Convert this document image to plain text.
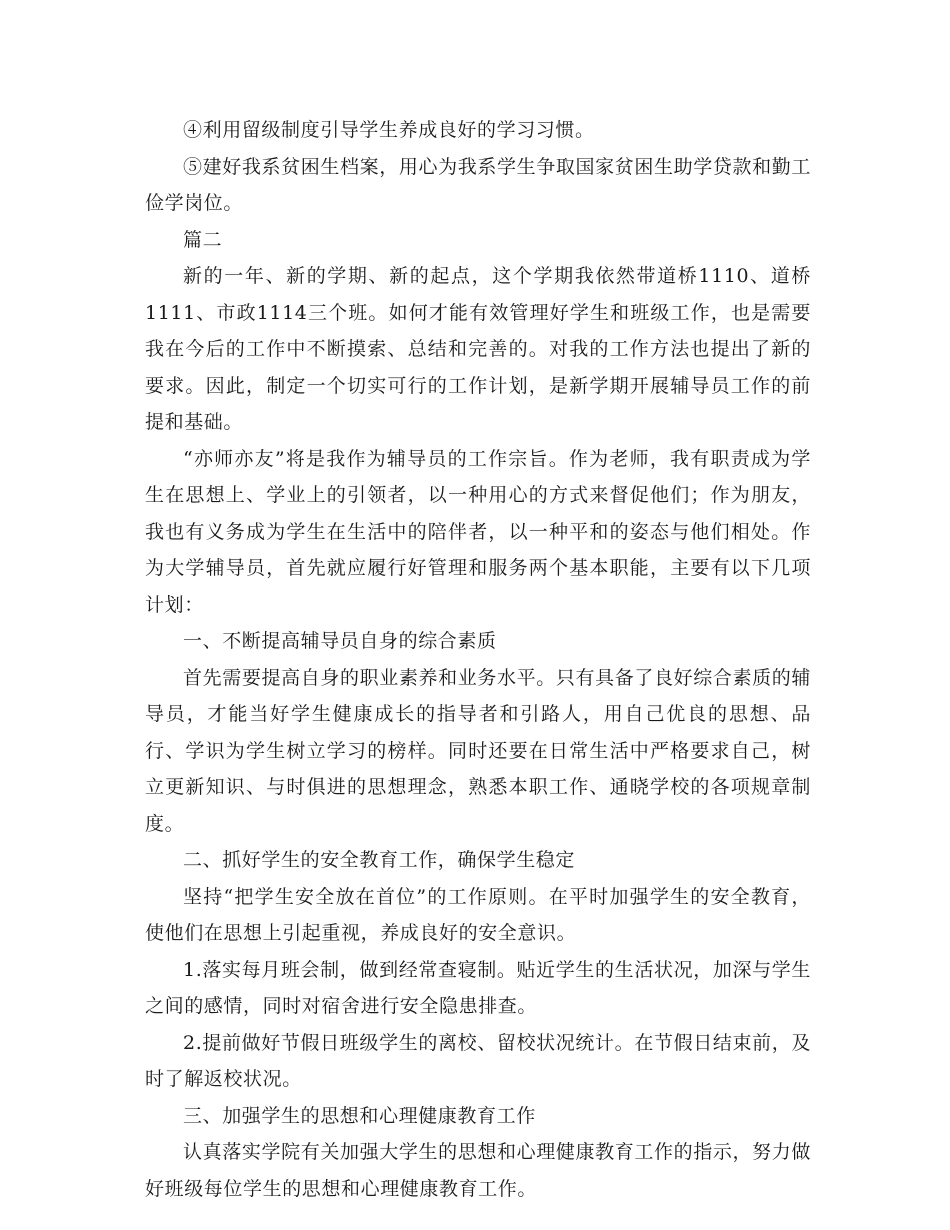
④利用留级制度引导学生养成良好的学习习惯。

⑤建好我系贫困生档案，用心为我系学生争取国家贫困生助学贷款和勤工俭学岗位。

篇二

新的一年、新的学期、新的起点，这个学期我依然带道桥1110、道桥1111、市政1114三个班。如何才能有效管理好学生和班级工作，也是需要我在今后的工作中不断摸索、总结和完善的。对我的工作方法也提出了新的要求。因此，制定一个切实可行的工作计划，是新学期开展辅导员工作的前提和基础。

“亦师亦友”将是我作为辅导员的工作宗旨。作为老师，我有职责成为学生在思想上、学业上的引领者，以一种用心的方式来督促他们；作为朋友，我也有义务成为学生在生活中的陪伴者，以一种平和的姿态与他们相处。作为大学辅导员，首先就应履行好管理和服务两个基本职能，主要有以下几项计划：

一、不断提高辅导员自身的综合素质

首先需要提高自身的职业素养和业务水平。只有具备了良好综合素质的辅导员，才能当好学生健康成长的指导者和引路人，用自己优良的思想、品行、学识为学生树立学习的榜样。同时还要在日常生活中严格要求自己，树立更新知识、与时俱进的思想理念，熟悉本职工作、通晓学校的各项规章制度。

二、抓好学生的安全教育工作，确保学生稳定

坚持“把学生安全放在首位”的工作原则。在平时加强学生的安全教育，使他们在思想上引起重视，养成良好的安全意识。

1.落实每月班会制，做到经常查寝制。贴近学生的生活状况，加深与学生之间的感情，同时对宿舍进行安全隐患排查。

2.提前做好节假日班级学生的离校、留校状况统计。在节假日结束前，及时了解返校状况。

三、加强学生的思想和心理健康教育工作

认真落实学院有关加强大学生的思想和心理健康教育工作的指示，努力做好班级每位学生的思想和心理健康教育工作。
